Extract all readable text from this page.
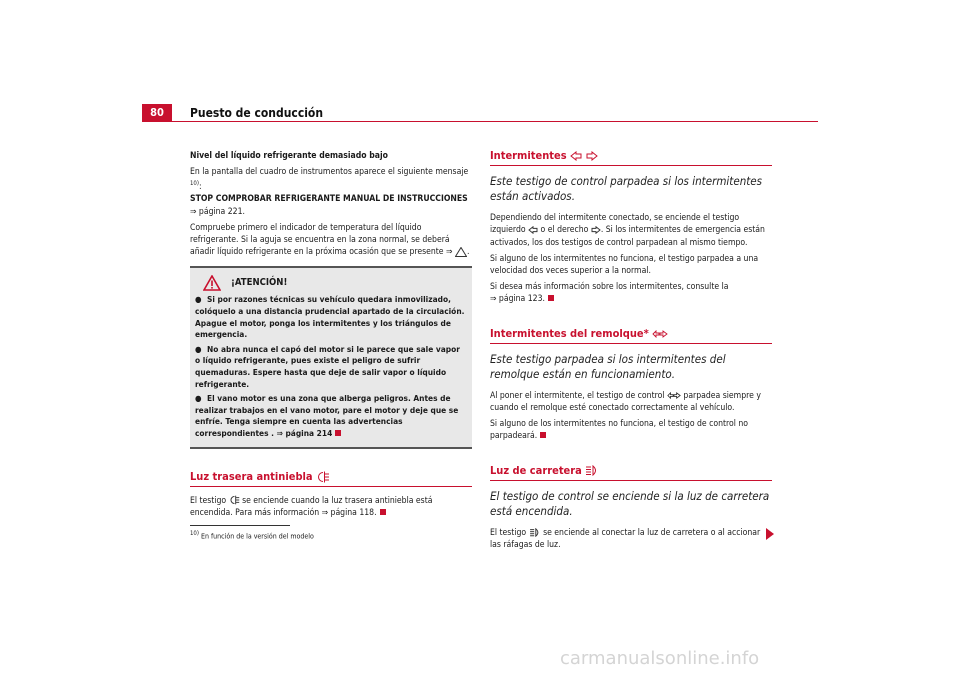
80	Puesto de conducción

Nivel del líquido refrigerante demasiado bajo

En la pantalla del cuadro de instrumentos aparece el siguiente mensaje $^{10)}$:
STOP COMPROBAR REFRIGERANTE MANUAL DE INSTRUCCIONES
⇒ página 221.

Compruebe primero el indicador de temperatura del líquido refrigerante. Si la aguja se encuentra en la zona normal, se deberá añadir líquido refrigerante en la próxima ocasión que se presente ⇒ .

¡ATENCIÓN!
● Si por razones técnicas su vehículo quedara inmovilizado, colóquelo a una distancia prudencial apartado de la circulación. Apague el motor, ponga los intermitentes y los triángulos de emergencia.
● No abra nunca el capó del motor si le parece que sale vapor o líquido refrigerante, pues existe el peligro de sufrir quemaduras. Espere hasta que deje de salir vapor o líquido refrigerante.
● El vano motor es una zona que alberga peligros. Antes de realizar trabajos en el vano motor, pare el motor y deje que se enfríe. Tenga siempre en cuenta las advertencias correspondientes . ⇒ página 214
Luz trasera antiniebla

El testigo se enciende cuando la luz trasera antiniebla está encendida. Para más información ⇒ página 118.

Intermitentes
Este testigo de control parpadea si los intermitentes están activados.

Dependiendo del intermitente conectado, se enciende el testigo izquierdo o el derecho . Si los intermitentes de emergencia están activados, los dos testigos de control parpadean al mismo tiempo.

Si alguno de los intermitentes no funciona, el testigo parpadea a una velocidad dos veces superior a la normal.

Si desea más información sobre los intermitentes, consulte la
⇒ página 123.

Intermitentes del remolque*
Este testigo parpadea si los intermitentes del remolque están en funcionamiento.

Al poner el intermitente, el testigo de control parpadea siempre y cuando el remolque esté conectado correctamente al vehículo.

Si alguno de los intermitentes no funciona, el testigo de control no parpadeará.

Luz de carretera
El testigo de control se enciende si la luz de carretera está encendida.

El testigo se enciende al conectar la luz de carretera o al accionar las ráfagas de luz.

$^{10)}$ En función de la versión del modelo
carmanualsonline.info
